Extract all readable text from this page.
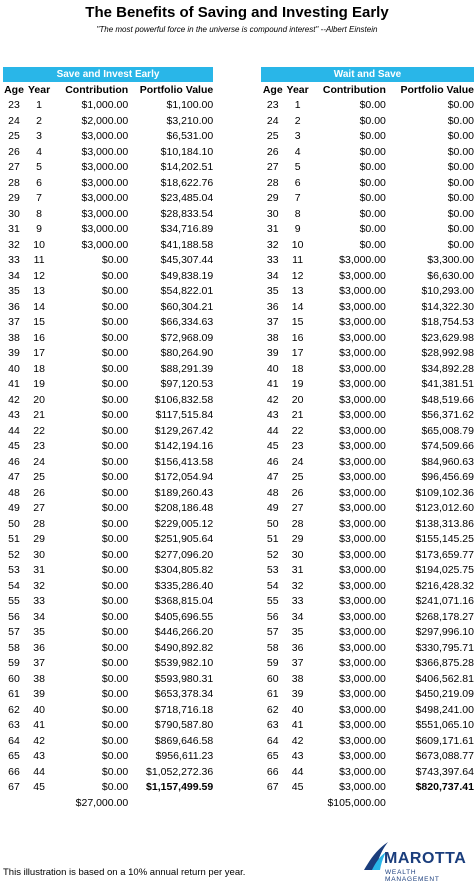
The Benefits of Saving and Investing Early
"The most powerful force in the universe is compound interest" --Albert Einstein
Save and Invest Early
Age	Year	Contribution	Portfolio Value
23	1	$1,000.00	$1,100.00
24	2	$2,000.00	$3,210.00
25	3	$3,000.00	$6,531.00
26	4	$3,000.00	$10,184.10
27	5	$3,000.00	$14,202.51
28	6	$3,000.00	$18,622.76
29	7	$3,000.00	$23,485.04
30	8	$3,000.00	$28,833.54
31	9	$3,000.00	$34,716.89
32	10	$3,000.00	$41,188.58
33	11	$0.00	$45,307.44
34	12	$0.00	$49,838.19
35	13	$0.00	$54,822.01
36	14	$0.00	$60,304.21
37	15	$0.00	$66,334.63
38	16	$0.00	$72,968.09
39	17	$0.00	$80,264.90
40	18	$0.00	$88,291.39
41	19	$0.00	$97,120.53
42	20	$0.00	$106,832.58
43	21	$0.00	$117,515.84
44	22	$0.00	$129,267.42
45	23	$0.00	$142,194.16
46	24	$0.00	$156,413.58
47	25	$0.00	$172,054.94
48	26	$0.00	$189,260.43
49	27	$0.00	$208,186.48
50	28	$0.00	$229,005.12
51	29	$0.00	$251,905.64
52	30	$0.00	$277,096.20
53	31	$0.00	$304,805.82
54	32	$0.00	$335,286.40
55	33	$0.00	$368,815.04
56	34	$0.00	$405,696.55
57	35	$0.00	$446,266.20
58	36	$0.00	$490,892.82
59	37	$0.00	$539,982.10
60	38	$0.00	$593,980.31
61	39	$0.00	$653,378.34
62	40	$0.00	$718,716.18
63	41	$0.00	$790,587.80
64	42	$0.00	$869,646.58
65	43	$0.00	$956,611.23
66	44	$0.00	$1,052,272.36
67	45	$0.00	$1,157,499.59
		$27,000.00	
Wait and Save
Age	Year	Contribution	Portfolio Value
23	1	$0.00	$0.00
24	2	$0.00	$0.00
25	3	$0.00	$0.00
26	4	$0.00	$0.00
27	5	$0.00	$0.00
28	6	$0.00	$0.00
29	7	$0.00	$0.00
30	8	$0.00	$0.00
31	9	$0.00	$0.00
32	10	$0.00	$0.00
33	11	$3,000.00	$3,300.00
34	12	$3,000.00	$6,630.00
35	13	$3,000.00	$10,293.00
36	14	$3,000.00	$14,322.30
37	15	$3,000.00	$18,754.53
38	16	$3,000.00	$23,629.98
39	17	$3,000.00	$28,992.98
40	18	$3,000.00	$34,892.28
41	19	$3,000.00	$41,381.51
42	20	$3,000.00	$48,519.66
43	21	$3,000.00	$56,371.62
44	22	$3,000.00	$65,008.79
45	23	$3,000.00	$74,509.66
46	24	$3,000.00	$84,960.63
47	25	$3,000.00	$96,456.69
48	26	$3,000.00	$109,102.36
49	27	$3,000.00	$123,012.60
50	28	$3,000.00	$138,313.86
51	29	$3,000.00	$155,145.25
52	30	$3,000.00	$173,659.77
53	31	$3,000.00	$194,025.75
54	32	$3,000.00	$216,428.32
55	33	$3,000.00	$241,071.16
56	34	$3,000.00	$268,178.27
57	35	$3,000.00	$297,996.10
58	36	$3,000.00	$330,795.71
59	37	$3,000.00	$366,875.28
60	38	$3,000.00	$406,562.81
61	39	$3,000.00	$450,219.09
62	40	$3,000.00	$498,241.00
63	41	$3,000.00	$551,065.10
64	42	$3,000.00	$609,171.61
65	43	$3,000.00	$673,088.77
66	44	$3,000.00	$743,397.64
67	45	$3,000.00	$820,737.41
		$105,000.00	
This illustration is based on a 10% annual return per year.
MAROTTA
WEALTH MANAGEMENT
